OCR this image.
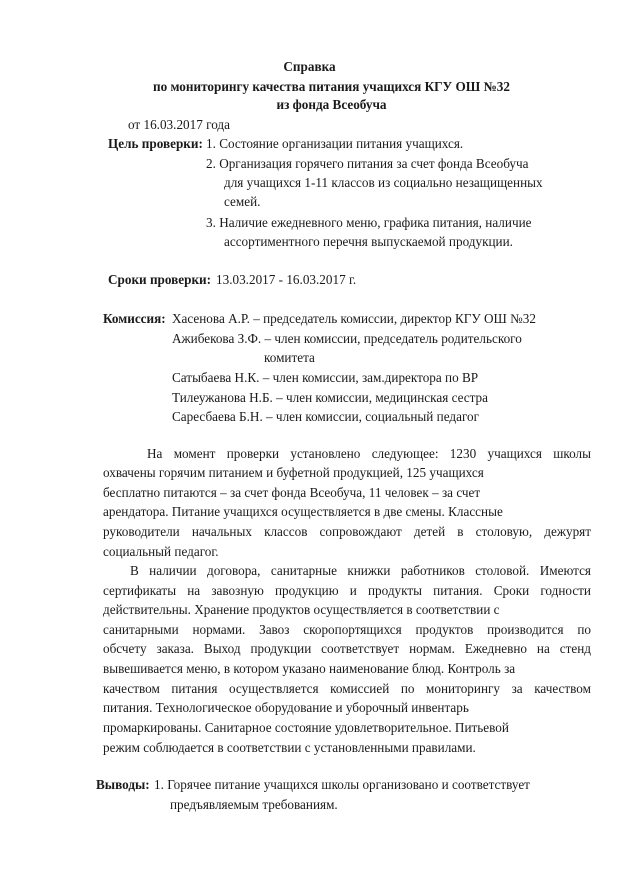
Справка
по мониторингу качества питания учащихся КГУ ОШ №32
из фонда Всеобуча
от 16.03.2017 года
Цель проверки: 1. Состояние организации питания учащихся.
2. Организация горячего питания за счет фонда Всеобуча
для учащихся 1-11 классов из социально незащищенных
семей.
3. Наличие ежедневного меню, графика питания, наличие
ассортиментного перечня выпускаемой продукции.
Сроки проверки: 13.03.2017 - 16.03.2017 г.
Комиссия: Хасенова А.Р. – председатель комиссии, директор КГУ ОШ №32
Ажибекова З.Ф. – член комиссии, председатель родительского
комитета
Сатыбаева Н.К. – член комиссии, зам.директора по ВР
Тилеужанова Н.Б. – член комиссии, медицинская сестра
Саресбаева Б.Н. – член комиссии, социальный педагог
На момент проверки установлено следующее: 1230 учащихся школы
охвачены горячим питанием и буфетной продукцией, 125 учащихся
бесплатно питаются – за счет фонда Всеобуча, 11 человек – за счет
арендатора. Питание учащихся осуществляется в две смены. Классные
руководители начальных классов сопровождают детей в столовую, дежурят
социальный педагог.
В наличии договора, санитарные книжки работников столовой. Имеются
сертификаты на завозную продукцию и продукты питания. Сроки годности
действительны. Хранение продуктов осуществляется в соответствии с
санитарными нормами. Завоз скоропортящихся продуктов производится по
обсчету заказа. Выход продукции соответствует нормам. Ежедневно на стенд
вывешивается меню, в котором указано наименование блюд. Контроль за
качеством питания осуществляется комиссией по мониторингу за качеством
питания. Технологическое оборудование и уборочный инвентарь
промаркированы. Санитарное состояние удовлетворительное. Питьевой
режим соблюдается в соответствии с установленными правилами.
Выводы: 1. Горячее питание учащихся школы организовано и соответствует
предъявляемым требованиям.
